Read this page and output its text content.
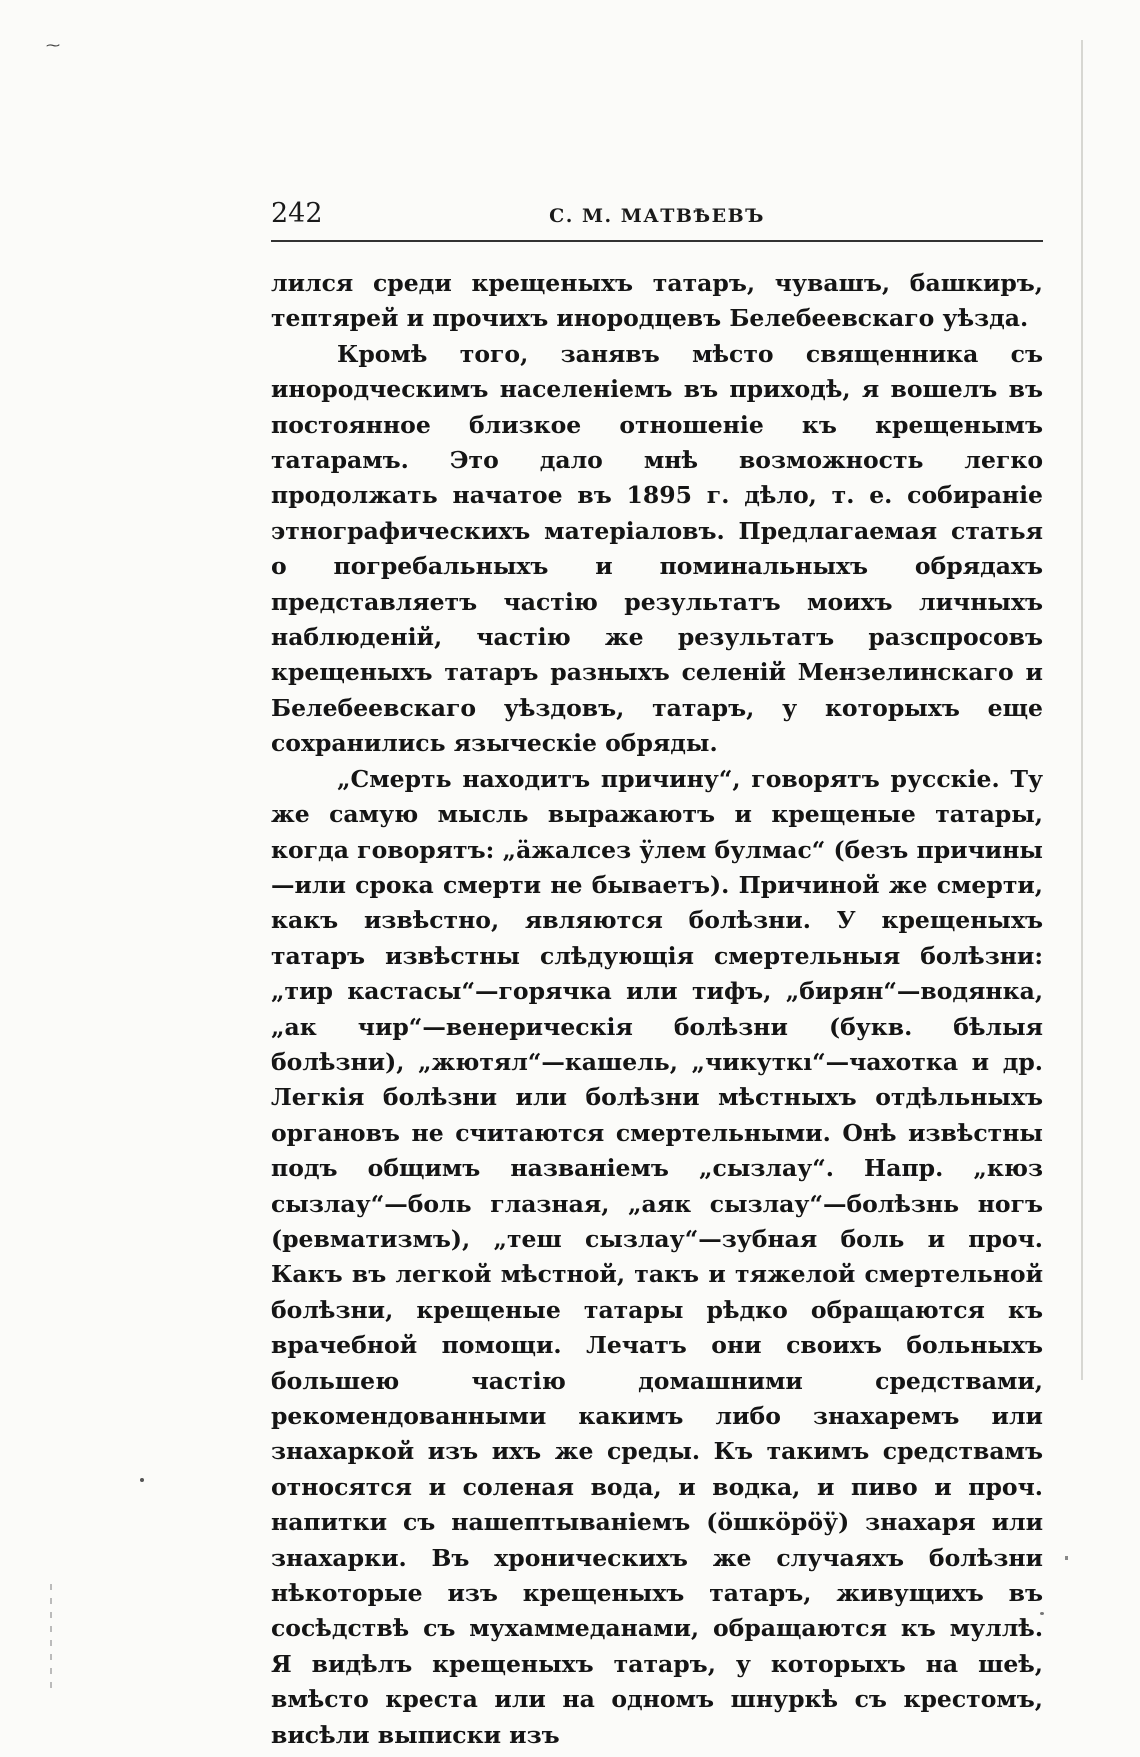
⁓
242	С. М. МАТВѢЕВЪ

лился среди крещеныхъ татаръ, чувашъ, башкиръ, тептярей и прочихъ инородцевъ Белебеевскаго уѣзда.

Кромѣ того, занявъ мѣсто священника съ инородческимъ населеніемъ въ приходѣ, я вошелъ въ постоянное близкое отношеніе къ крещенымъ татарамъ. Это дало мнѣ возможность легко продолжать начатое въ 1895 г. дѣло, т. е. собираніе этнографическихъ матеріаловъ. Предлагаемая статья о погребальныхъ и поминальныхъ обрядахъ представляетъ частію результатъ моихъ личныхъ наблюденій, частію же результатъ разспросовъ крещеныхъ татаръ разныхъ селеній Мензелинскаго и Белебеевскаго уѣздовъ, татаръ, у которыхъ еще сохранились языческіе обряды.

„Смерть находитъ причину“, говорятъ русскіе. Ту же самую мысль выражаютъ и крещеные татары, когда говорятъ: „ӓжалсез ӱлем булмас“ (безъ причины—или срока смерти не бываетъ). Причиной же смерти, какъ извѣстно, являются болѣзни. У крещеныхъ татаръ извѣстны слѣдующія смертельныя болѣзни: „тир кастасы“—горячка или тифъ, „бирян“—водянка, „ак чир“—венерическія болѣзни (букв. бѣлыя болѣзни), „жютял“—кашель, „чикуткı“—чахотка и др. Легкія болѣзни или болѣзни мѣстныхъ отдѣльныхъ органовъ не считаются смертельными. Онѣ извѣстны подъ общимъ названіемъ „сызлау“. Напр. „кюз сызлау“—боль глазная, „аяк сызлау“—болѣзнь ногъ (ревматизмъ), „теш сызлау“—зубная боль и проч. Какъ въ легкой мѣстной, такъ и тяжелой смертельной болѣзни, крещеные татары рѣдко обращаются къ врачебной помощи. Лечатъ они своихъ больныхъ большею частію домашними средствами, рекомендованными какимъ либо знахаремъ или знахаркой изъ ихъ же среды. Къ такимъ средствамъ относятся и соленая вода, и водка, и пиво и проч. напитки съ нашептываніемъ (ӧшкӧрӧӱ) знахаря или знахарки. Въ хроническихъ же случаяхъ болѣзни нѣкоторые изъ крещеныхъ татаръ, живущихъ въ сосѣдствѣ съ мухаммеданами, обращаются къ муллѣ. Я видѣлъ крещеныхъ татаръ, у которыхъ на шеѣ, вмѣсто креста или на одномъ шнуркѣ съ крестомъ, висѣли выписки изъ
